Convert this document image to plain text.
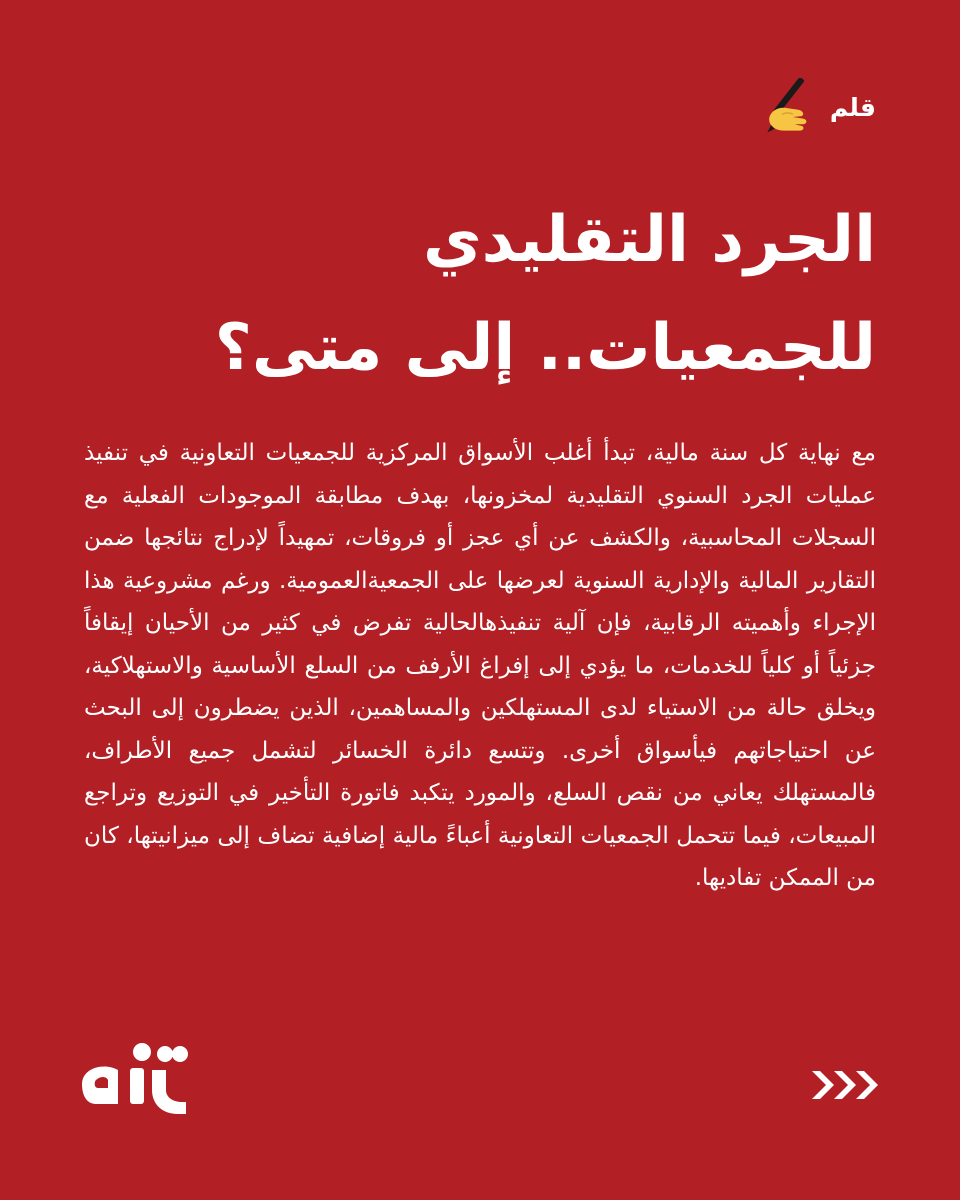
قلم
الجرد التقليدي
للجمعيات.. إلى متى؟

مع نهاية كل سنة مالية، تبدأ أغلب الأسواق المركزية للجمعيات التعاونية في تنفيذ عمليات الجرد السنوي التقليدية لمخزونها، بهدف مطابقة الموجودات الفعلية مع السجلات المحاسبية، والكشف عن أي عجز أو فروقات، تمهيداً لإدراج نتائجها ضمن التقارير المالية والإدارية السنوية لعرضها على الجمعيةالعمومية. ورغم مشروعية هذا الإجراء وأهميته الرقابية، فإن آلية تنفيذهالحالية تفرض في كثير من الأحيان إيقافاً جزئياً أو كلياً للخدمات، ما يؤدي إلى إفراغ الأرفف من السلع الأساسية والاستهلاكية، ويخلق حالة من الاستياء لدى المستهلكين والمساهمين، الذين يضطرون إلى البحث عن احتياجاتهم فيأسواق أخرى. وتتسع دائرة الخسائر لتشمل جميع الأطراف، فالمستهلك يعاني من نقص السلع، والمورد يتكبد فاتورة التأخير في التوزيع وتراجع المبيعات، فيما تتحمل الجمعيات التعاونية أعباءً مالية إضافية تضاف إلى ميزانيتها، كان من الممكن تفاديها.
